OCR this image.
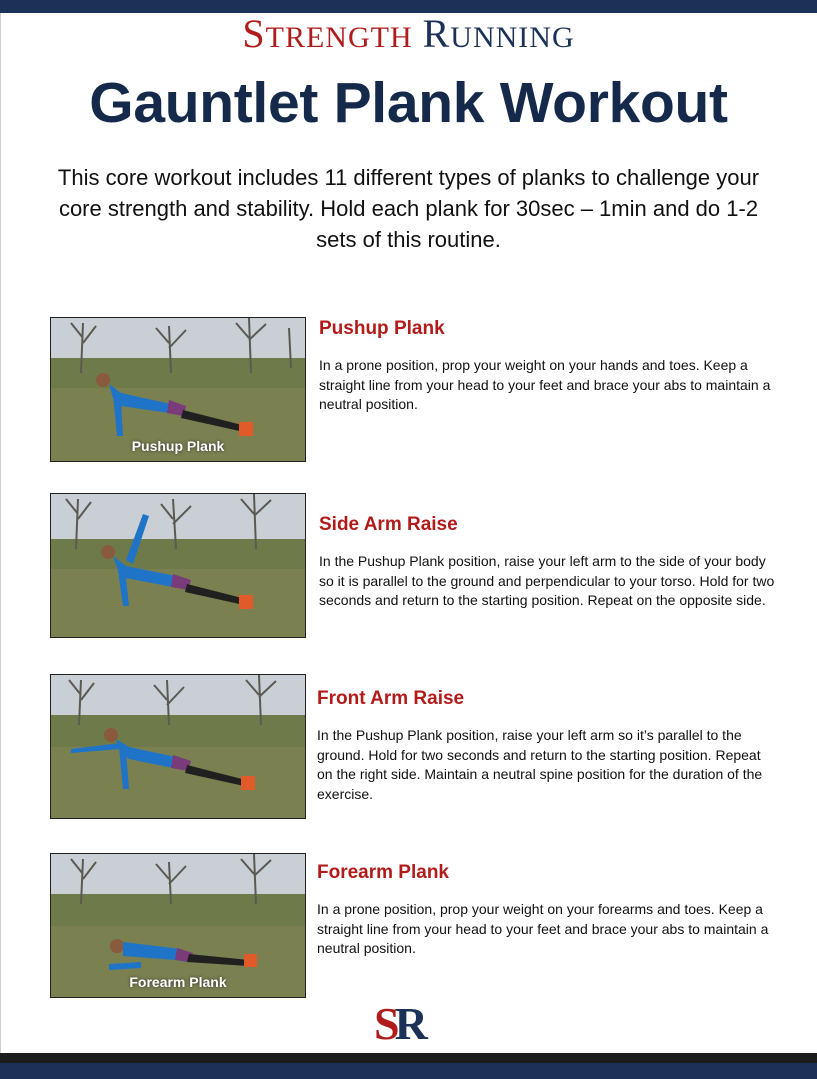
STRENGTH RUNNING
Gauntlet Plank Workout
This core workout includes 11 different types of planks to challenge your core strength and stability. Hold each plank for 30sec – 1min and do 1-2 sets of this routine.
Pushup Plank
Pushup Plank
In a prone position, prop your weight on your hands and toes. Keep a straight line from your head to your feet and brace your abs to maintain a neutral position.
Side Arm Raise
In the Pushup Plank position, raise your left arm to the side of your body so it is parallel to the ground and perpendicular to your torso. Hold for two seconds and return to the starting position. Repeat on the opposite side.
Front Arm Raise
In the Pushup Plank position, raise your left arm so it’s parallel to the ground. Hold for two seconds and return to the starting position. Repeat on the right side. Maintain a neutral spine position for the duration of the exercise.
Forearm Plank
Forearm Plank
In a prone position, prop your weight on your forearms and toes. Keep a straight line from your head to your feet and brace your abs to maintain a neutral position.
SR
